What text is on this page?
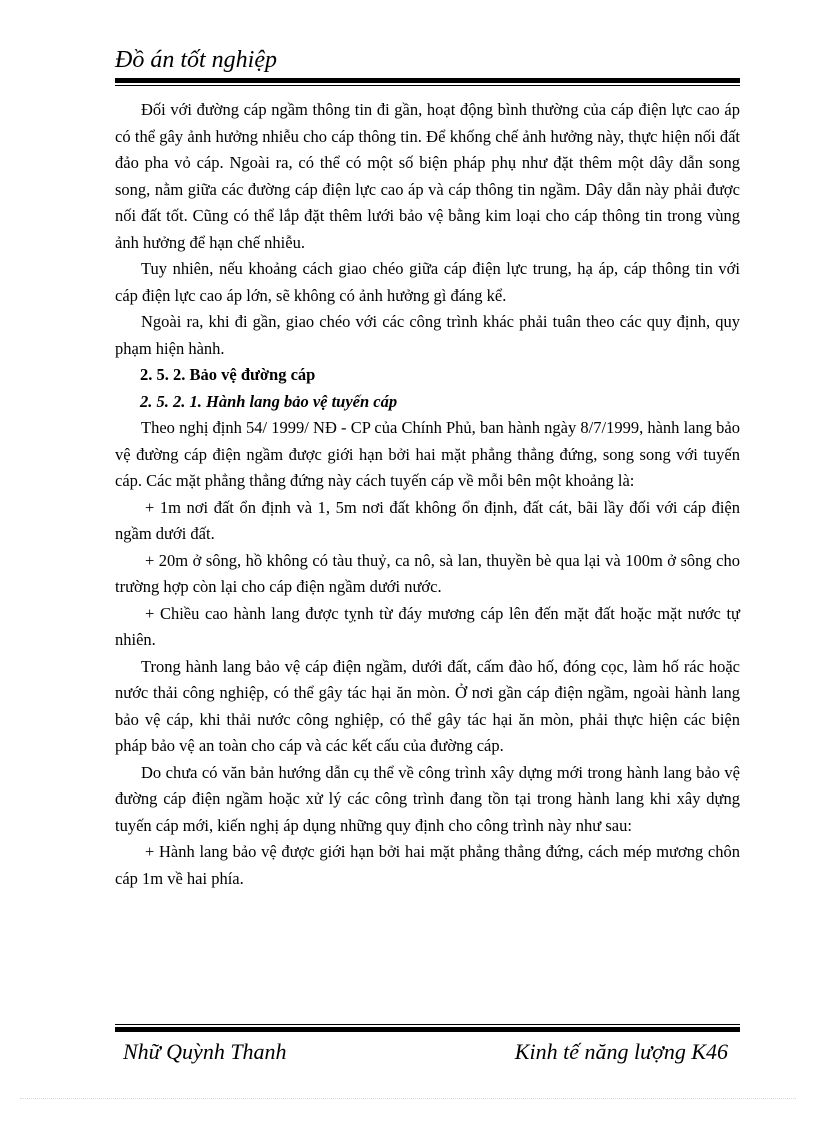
Đồ án tốt nghiệp

Đối với đường cáp ngầm thông tin đi gần, hoạt động bình thường của cáp điện lực cao áp có thể gây ảnh hưởng nhiễu cho cáp thông tin. Để khống chế ảnh hưởng này, thực hiện nối đất đảo pha vỏ cáp. Ngoài ra, có thể có một số biện pháp phụ như đặt thêm một dây dẫn song song, nằm giữa các đường cáp điện lực cao áp và cáp thông tin ngầm. Dây dẫn này phải được nối đất tốt. Cũng có thể lắp đặt thêm lưới bảo vệ bằng kim loại cho cáp thông tin trong vùng ảnh hưởng để hạn chế nhiễu.

Tuy nhiên, nếu khoảng cách giao chéo giữa cáp điện lực trung, hạ áp, cáp thông tin với cáp điện lực cao áp lớn, sẽ không có ảnh hưởng gì đáng kể.

Ngoài ra, khi đi gần, giao chéo với các công trình khác phải tuân theo các quy định, quy phạm hiện hành.

2. 5. 2. Bảo vệ đường cáp

2. 5. 2. 1. Hành lang bảo vệ tuyến cáp

Theo nghị định 54/ 1999/ NĐ - CP của Chính Phủ, ban hành ngày 8/7/1999, hành lang bảo vệ đường cáp điện ngầm được giới hạn bởi hai mặt phẳng thẳng đứng, song song với tuyến cáp. Các mặt phẳng thẳng đứng này cách tuyến cáp về mỗi bên một khoảng là:

+ 1m nơi đất ổn định và 1, 5m nơi đất không ổn định, đất cát, bãi lầy đối với cáp điện ngầm dưới đất.

+ 20m ở sông, hồ không có tàu thuỷ, ca nô, sà lan, thuyền bè qua lại và 100m ở sông cho trường hợp còn lại cho cáp điện ngầm dưới nước.

+ Chiều cao hành lang được tỵnh từ đáy mương cáp lên đến mặt đất hoặc mặt nước tự nhiên.

Trong hành lang bảo vệ cáp điện ngầm, dưới đất, cấm đào hố, đóng cọc, làm hố rác hoặc nước thải công nghiệp, có thể gây tác hại ăn mòn. Ở nơi gần cáp điện ngầm, ngoài hành lang bảo vệ cáp, khi thải nước công nghiệp, có thể gây tác hại ăn mòn, phải thực hiện các biện pháp bảo vệ an toàn cho cáp và các kết cấu của đường cáp.

Do chưa có văn bản hướng dẫn cụ thể về công trình xây dựng mới trong hành lang bảo vệ đường cáp điện ngầm hoặc xử lý các công trình đang tồn tại trong hành lang khi xây dựng tuyến cáp mới, kiến nghị áp dụng những quy định cho công trình này như sau:

+ Hành lang bảo vệ được giới hạn bởi hai mặt phẳng thẳng đứng, cách mép mương chôn cáp 1m về hai phía.

Nhữ Quỳnh Thanh	Kinh tế năng lượng K46
